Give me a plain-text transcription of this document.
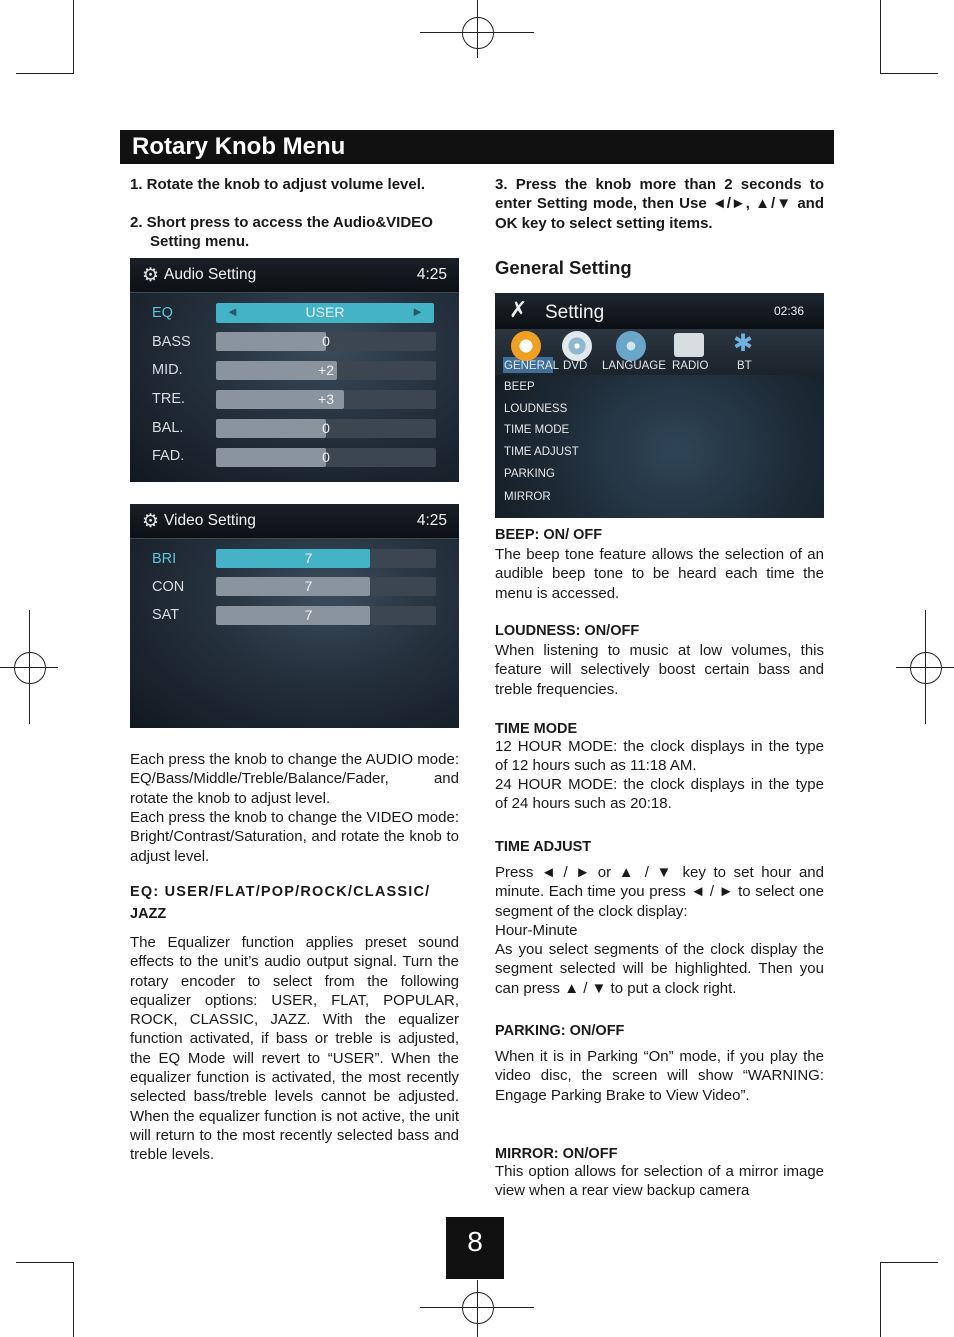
Rotary Knob Menu
1. Rotate the knob to adjust volume level.
2. Short press to access the Audio&VIDEO
Setting menu.
⚙ Audio Setting	4:25
EQ	◄	USER	►
BASS	0
MID.	+2
TRE.	+3
BAL.	0
FAD.	0
⚙ Video Setting	4:25
BRI	7
CON	7
SAT	7
Each press the knob to change the AUDIO mode: EQ/Bass/Middle/Treble/Balance/Fader, and rotate the knob to adjust level.
Each press the knob to change the VIDEO mode: Bright/Contrast/Saturation, and rotate the knob to adjust level.
EQ: USER/FLAT/POP/ROCK/CLASSIC/
JAZZ
The Equalizer function applies preset sound effects to the unit’s audio output signal. Turn the rotary encoder to select from the following equalizer options: USER, FLAT, POPULAR, ROCK, CLASSIC, JAZZ. With the equalizer function activated, if bass or treble is adjusted, the EQ Mode will revert to “USER”. When the equalizer function is activated, the most recently selected bass/treble levels cannot be adjusted. When the equalizer function is not active, the unit will return to the most recently selected bass and treble levels.
3. Press the knob more than 2 seconds to enter Setting mode, then Use ◄/►, ▲/▼ and OK key to select setting items.
General Setting
✗ Setting	02:36
✱
GENERAL DVD LANGUAGE RADIO BT
BEEP
LOUDNESS
TIME MODE
TIME ADJUST
PARKING
MIRROR
BEEP: ON/ OFF
The beep tone feature allows the selection of an audible beep tone to be heard each time the menu is accessed.
LOUDNESS: ON/OFF
When listening to music at low volumes, this feature will selectively boost certain bass and treble frequencies.
TIME MODE
12 HOUR MODE: the clock displays in the type of 12 hours such as 11:18 AM.
24 HOUR MODE: the clock displays in the type of 24 hours such as 20:18.
TIME ADJUST
Press ◄ / ► or ▲ / ▼ key to set hour and minute. Each time you press ◄ / ► to select one segment of the clock display:
Hour-Minute
As you select segments of the clock display the segment selected will be highlighted. Then you can press ▲ / ▼ to put a clock right.
PARKING: ON/OFF
When it is in Parking “On” mode, if you play the video disc, the screen will show “WARNING: Engage Parking Brake to View Video”.
MIRROR: ON/OFF
This option allows for selection of a mirror image view when a rear view backup camera
8
